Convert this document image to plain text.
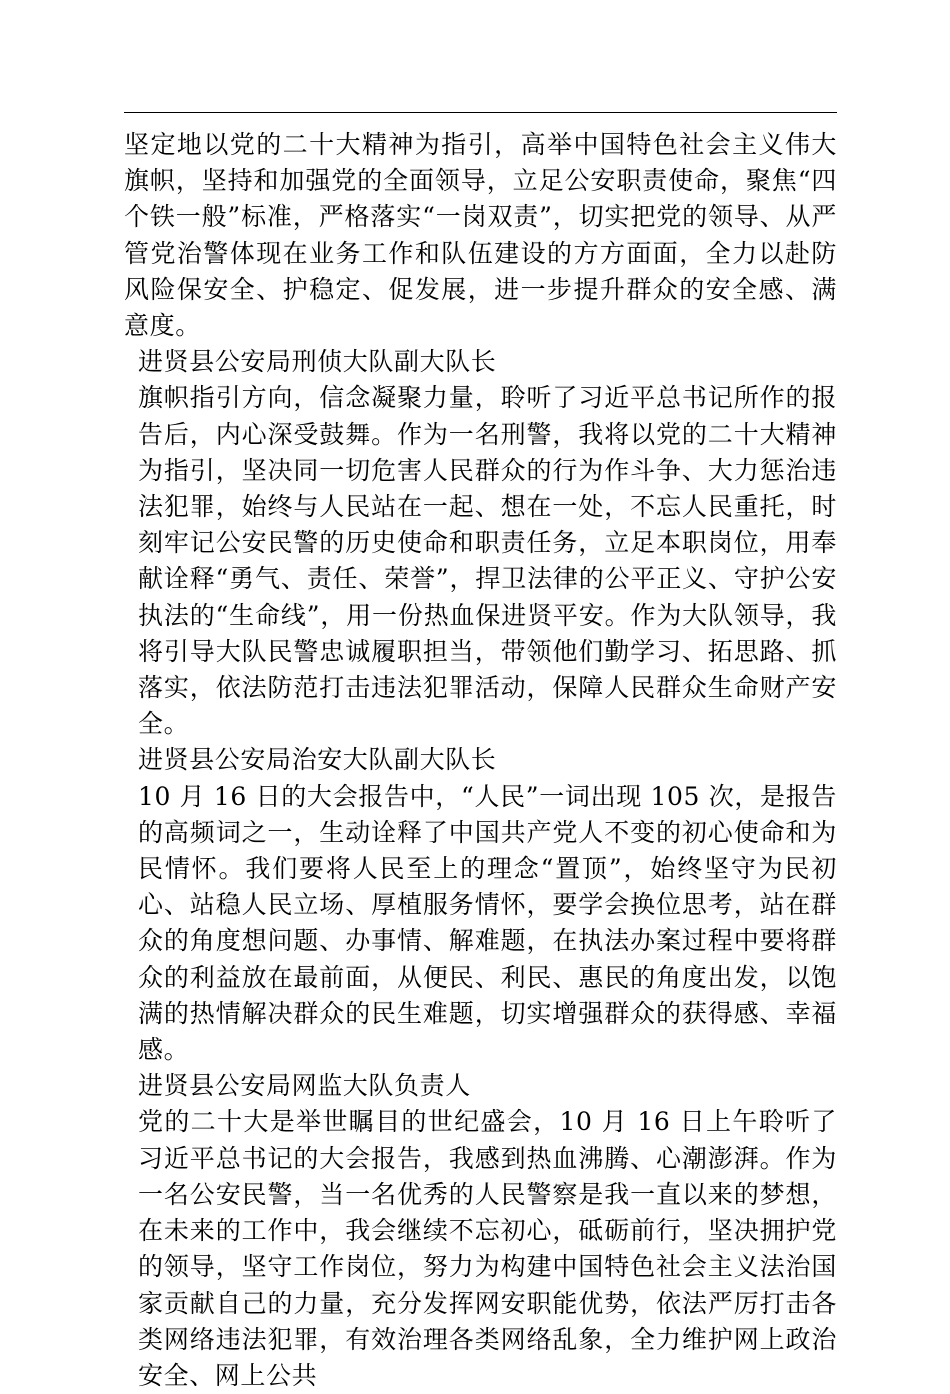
坚定地以党的二十大精神为指引，高举中国特色社会主义伟大旗帜，坚持和加强党的全面领导，立足公安职责使命，聚焦“四个铁一般”标准，严格落实“一岗双责”，切实把党的领导、从严管党治警体现在业务工作和队伍建设的方方面面，全力以赴防风险保安全、护稳定、促发展，进一步提升群众的安全感、满意度。

进贤县公安局刑侦大队副大队长

旗帜指引方向，信念凝聚力量，聆听了习近平总书记所作的报告后，内心深受鼓舞。作为一名刑警，我将以党的二十大精神为指引，坚决同一切危害人民群众的行为作斗争、大力惩治违法犯罪，始终与人民站在一起、想在一处，不忘人民重托，时刻牢记公安民警的历史使命和职责任务，立足本职岗位，用奉献诠释“勇气、责任、荣誉”，捍卫法律的公平正义、守护公安执法的“生命线”，用一份热血保进贤平安。作为大队领导，我将引导大队民警忠诚履职担当，带领他们勤学习、拓思路、抓落实，依法防范打击违法犯罪活动，保障人民群众生命财产安全。

进贤县公安局治安大队副大队长

10 月 16 日的大会报告中，“人民”一词出现 105 次，是报告的高频词之一，生动诠释了中国共产党人不变的初心使命和为民情怀。我们要将人民至上的理念“置顶”，始终坚守为民初心、站稳人民立场、厚植服务情怀，要学会换位思考，站在群众的角度想问题、办事情、解难题，在执法办案过程中要将群众的利益放在最前面，从便民、利民、惠民的角度出发，以饱满的热情解决群众的民生难题，切实增强群众的获得感、幸福感。

进贤县公安局网监大队负责人

党的二十大是举世瞩目的世纪盛会，10 月 16 日上午聆听了习近平总书记的大会报告，我感到热血沸腾、心潮澎湃。作为一名公安民警，当一名优秀的人民警察是我一直以来的梦想，在未来的工作中，我会继续不忘初心，砥砺前行，坚决拥护党的领导，坚守工作岗位，努力为构建中国特色社会主义法治国家贡献自己的力量，充分发挥网安职能优势，依法严厉打击各类网络违法犯罪，有效治理各类网络乱象，全力维护网上政治安全、网上公共
